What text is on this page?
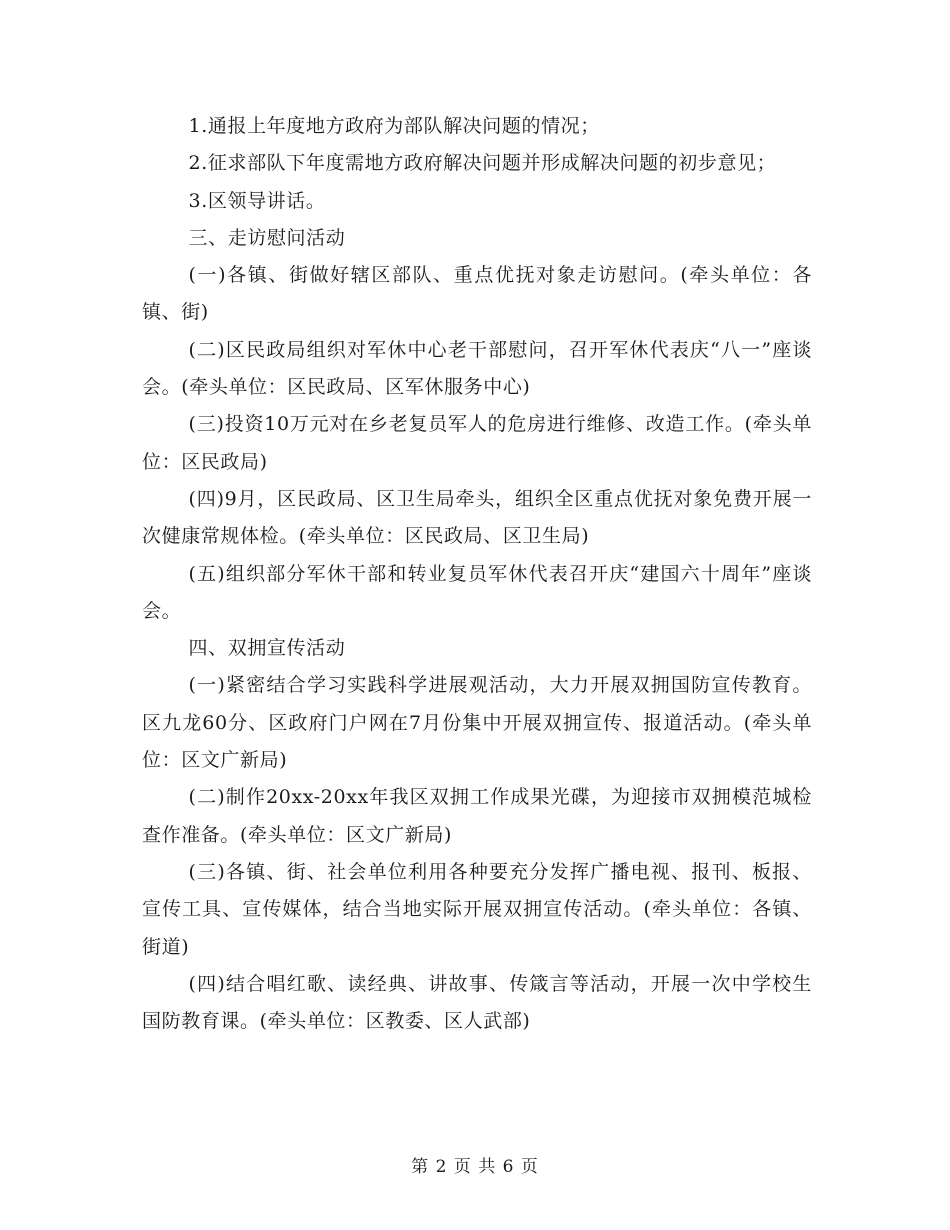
1.通报上年度地方政府为部队解决问题的情况；

2.征求部队下年度需地方政府解决问题并形成解决问题的初步意见；

3.区领导讲话。

三、走访慰问活动

(一)各镇、街做好辖区部队、重点优抚对象走访慰问。(牵头单位：各镇、街)

(二)区民政局组织对军休中心老干部慰问，召开军休代表庆“八一”座谈会。(牵头单位：区民政局、区军休服务中心)

(三)投资10万元对在乡老复员军人的危房进行维修、改造工作。(牵头单位：区民政局)

(四)9月，区民政局、区卫生局牵头，组织全区重点优抚对象免费开展一次健康常规体检。(牵头单位：区民政局、区卫生局)

(五)组织部分军休干部和转业复员军休代表召开庆“建国六十周年”座谈会。

四、双拥宣传活动

(一)紧密结合学习实践科学进展观活动，大力开展双拥国防宣传教育。区九龙60分、区政府门户网在7月份集中开展双拥宣传、报道活动。(牵头单位：区文广新局)

(二)制作20xx-20xx年我区双拥工作成果光碟，为迎接市双拥模范城检查作准备。(牵头单位：区文广新局)

(三)各镇、街、社会单位利用各种要充分发挥广播电视、报刊、板报、宣传工具、宣传媒体，结合当地实际开展双拥宣传活动。(牵头单位：各镇、街道)

(四)结合唱红歌、读经典、讲故事、传箴言等活动，开展一次中学校生国防教育课。(牵头单位：区教委、区人武部)

第 2 页 共 6 页
